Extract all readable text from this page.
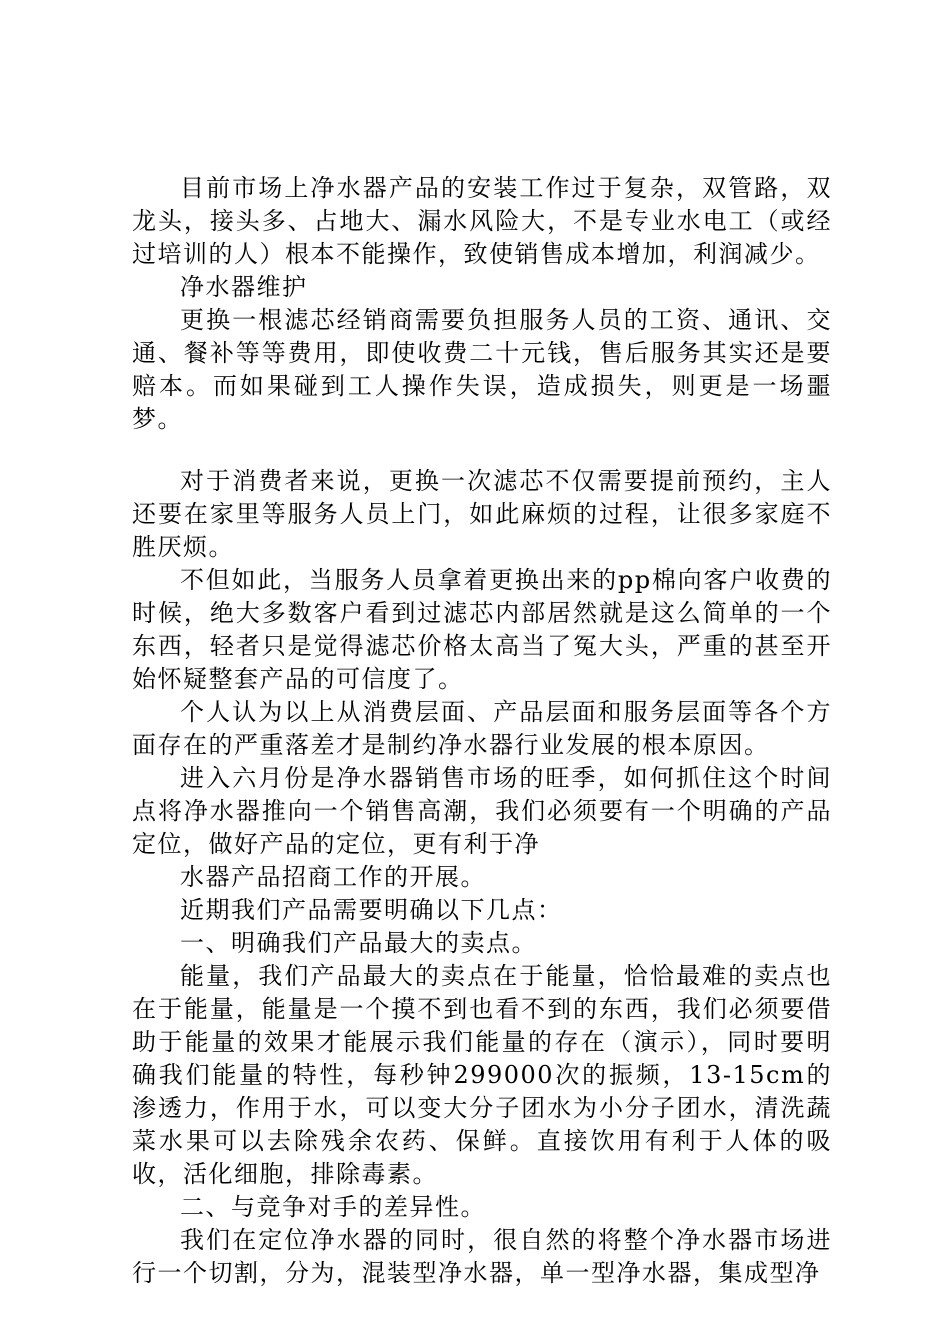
目前市场上净水器产品的安装工作过于复杂，双管路，双龙头，接头多、占地大、漏水风险大，不是专业水电工（或经过培训的人）根本不能操作，致使销售成本增加，利润减少。

净水器维护

更换一根滤芯经销商需要负担服务人员的工资、通讯、交通、餐补等等费用，即使收费二十元钱，售后服务其实还是要赔本。而如果碰到工人操作失误，造成损失，则更是一场噩梦。

对于消费者来说，更换一次滤芯不仅需要提前预约，主人还要在家里等服务人员上门，如此麻烦的过程，让很多家庭不胜厌烦。

不但如此，当服务人员拿着更换出来的pp棉向客户收费的时候，绝大多数客户看到过滤芯内部居然就是这么简单的一个东西，轻者只是觉得滤芯价格太高当了冤大头，严重的甚至开始怀疑整套产品的可信度了。

个人认为以上从消费层面、产品层面和服务层面等各个方面存在的严重落差才是制约净水器行业发展的根本原因。

进入六月份是净水器销售市场的旺季，如何抓住这个时间点将净水器推向一个销售高潮，我们必须要有一个明确的产品定位，做好产品的定位，更有利于净

水器产品招商工作的开展。

近期我们产品需要明确以下几点：

一、明确我们产品最大的卖点。

能量，我们产品最大的卖点在于能量，恰恰最难的卖点也在于能量，能量是一个摸不到也看不到的东西，我们必须要借助于能量的效果才能展示我们能量的存在（演示），同时要明确我们能量的特性，每秒钟299000次的振频，13-15cm的渗透力，作用于水，可以变大分子团水为小分子团水，清洗蔬菜水果可以去除残余农药、保鲜。直接饮用有利于人体的吸收，活化细胞，排除毒素。

二、与竞争对手的差异性。

我们在定位净水器的同时，很自然的将整个净水器市场进行一个切割，分为，混装型净水器，单一型净水器，集成型净
